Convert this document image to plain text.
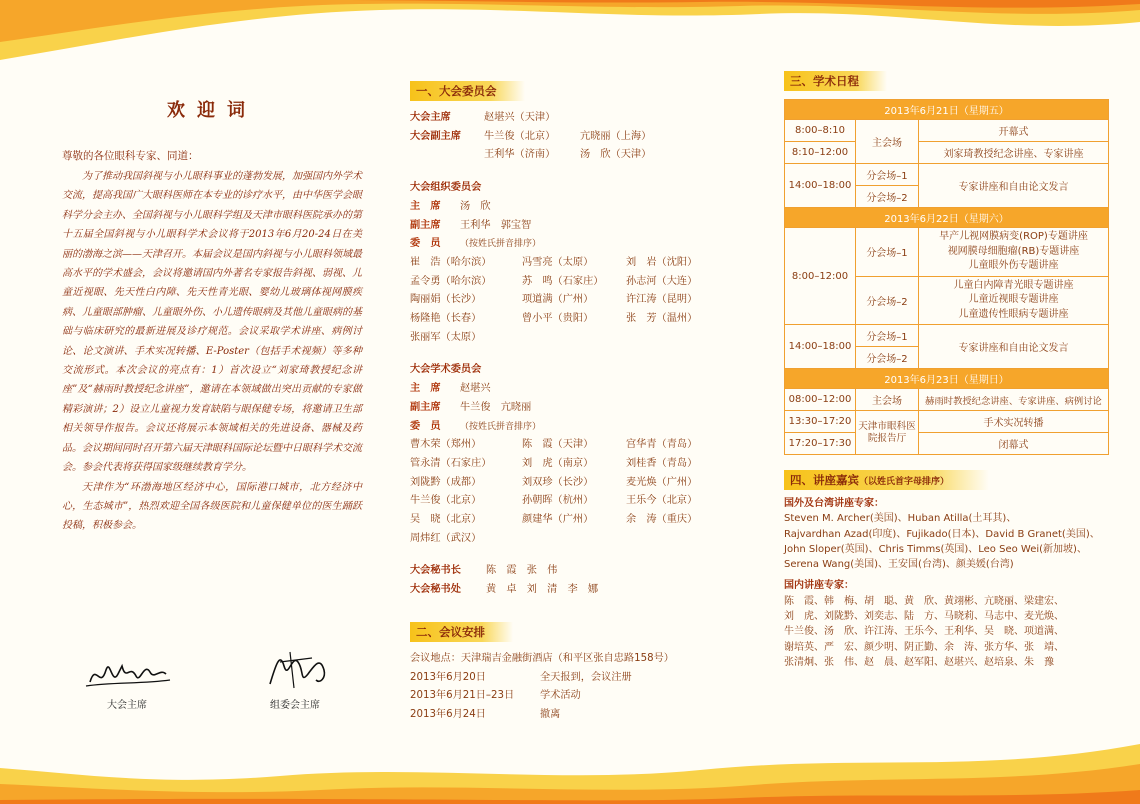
欢迎词
尊敬的各位眼科专家、同道：

为了推动我国斜视与小儿眼科事业的蓬勃发展，加强国内外学术交流，提高我国广大眼科医师在本专业的诊疗水平，由中华医学会眼科学分会主办、全国斜视与小儿眼科学组及天津市眼科医院承办的第十五届全国斜视与小儿眼科学术会议将于2013年6月20-24日在美丽的渤海之滨——天津召开。本届会议是国内斜视与小儿眼科领域最高水平的学术盛会，会议将邀请国内外著名专家报告斜视、弱视、儿童近视眼、先天性白内障、先天性青光眼、婴幼儿玻璃体视网膜疾病、儿童眼部肿瘤、儿童眼外伤、小儿遗传眼病及其他儿童眼病的基础与临床研究的最新进展及诊疗规范。会议采取学术讲座、病例讨论、论文演讲、手术实况转播、E-Poster（包括手术视频）等多种交流形式。本次会议的亮点有：1）首次设立“刘家琦教授纪念讲座”及“赫雨时教授纪念讲座”，邀请在本领域做出突出贡献的专家做精彩演讲；2）设立儿童视力发育缺陷与眼保健专场，将邀请卫生部相关领导作报告。会议还将展示本领域相关的先进设备、器械及药品。会议期间同时召开第六届天津眼科国际论坛暨中日眼科学术交流会。参会代表将获得国家级继续教育学分。

天津作为“环渤海地区经济中心，国际港口城市，北方经济中心，生态城市”，热烈欢迎全国各级医院和儿童保健单位的医生踊跃投稿，积极参会。

大会主席	组委会主席
一、大会委员会
大会主席	赵堪兴（天津）
大会副主席 牛兰俊（北京） 亢晓丽（上海）
王利华（济南） 汤　欣（天津）
大会组织委员会
主　席 汤　欣
副主席 王利华　郭宝智
委　员 （按姓氏拼音排序）
崔　浩（哈尔滨）	冯雪亮（太原）	刘　岩（沈阳）
孟令勇（哈尔滨）	苏　鸣（石家庄）	孙志河（大连）
陶丽娟（长沙）	项道满（广州）	许江涛（昆明）
杨隆艳（长春）	曾小平（贵阳）	张　芳（温州）
张丽军（太原）
大会学术委员会
主　席 赵堪兴
副主席 牛兰俊　亢晓丽
委　员 （按姓氏拼音排序）
曹木荣（郑州）	陈　霞（天津）	宫华青（青岛）
管永清（石家庄）	刘　虎（南京）	刘桂香（青岛）
刘陇黔（成都）	刘双珍（长沙）	麦光焕（广州）
牛兰俊（北京）	孙朝晖（杭州）	王乐今（北京）
吴　晓（北京）	颜建华（广州）	余　涛（重庆）
周炜红（武汉）
大会秘书长 陈　霞　张　伟
大会秘书处 黄　卓　刘　清　李　娜
二、会议安排
会议地点：天津瑞吉金融街酒店（和平区张自忠路158号）
2013年6月20日	全天报到，会议注册
2013年6月21日–23日	学术活动
2013年6月24日	撤离
三、学术日程
2013年6月21日（星期五）		
8:00–8:10	主会场	开幕式
8:10–12:00		刘家琦教授纪念讲座、专家讲座
14:00–18:00	分会场–1	专家讲座和自由论文发言
	分会场–2	
2013年6月22日（星期六）		
8:00–12:00	分会场–1	早产儿视网膜病变(ROP)专题讲座
视网膜母细胞瘤(RB)专题讲座
儿童眼外伤专题讲座

	分会场–2	儿童白内障青光眼专题讲座
儿童近视眼专题讲座
儿童遗传性眼病专题讲座

14:00–18:00	分会场–1	专家讲座和自由论文发言
	分会场–2	
2013年6月23日（星期日）		
08:00–12:00	主会场	赫雨时教授纪念讲座、专家讲座、病例讨论
13:30–17:20	天津市眼科医院报告厅	手术实况转播
17:20–17:30		闭幕式
四、讲座嘉宾（以姓氏首字母排序）
国外及台湾讲座专家：
Steven M. Archer(美国)、Huban Atilla(土耳其)、
Rajvardhan Azad(印度)、Fujikado(日本)、David B Granet(美国)、
John Sloper(英国)、Chris Timms(英国)、Leo Seo Wei(新加坡)、
Serena Wang(美国)、王安国(台湾)、颜美媛(台湾)
国内讲座专家：
陈　霞、韩　梅、胡　聪、黄　欣、黄翊彬、亢晓丽、梁建宏、
刘　虎、刘陇黔、刘奕志、陆　方、马晓莉、马志中、麦光焕、
牛兰俊、汤　欣、许江涛、王乐今、王利华、吴　晓、项道满、
谢培英、严　宏、颜少明、阴正勤、余　涛、张方华、张　靖、
张清炯、张　伟、赵　晨、赵军阳、赵堪兴、赵培泉、朱　豫
